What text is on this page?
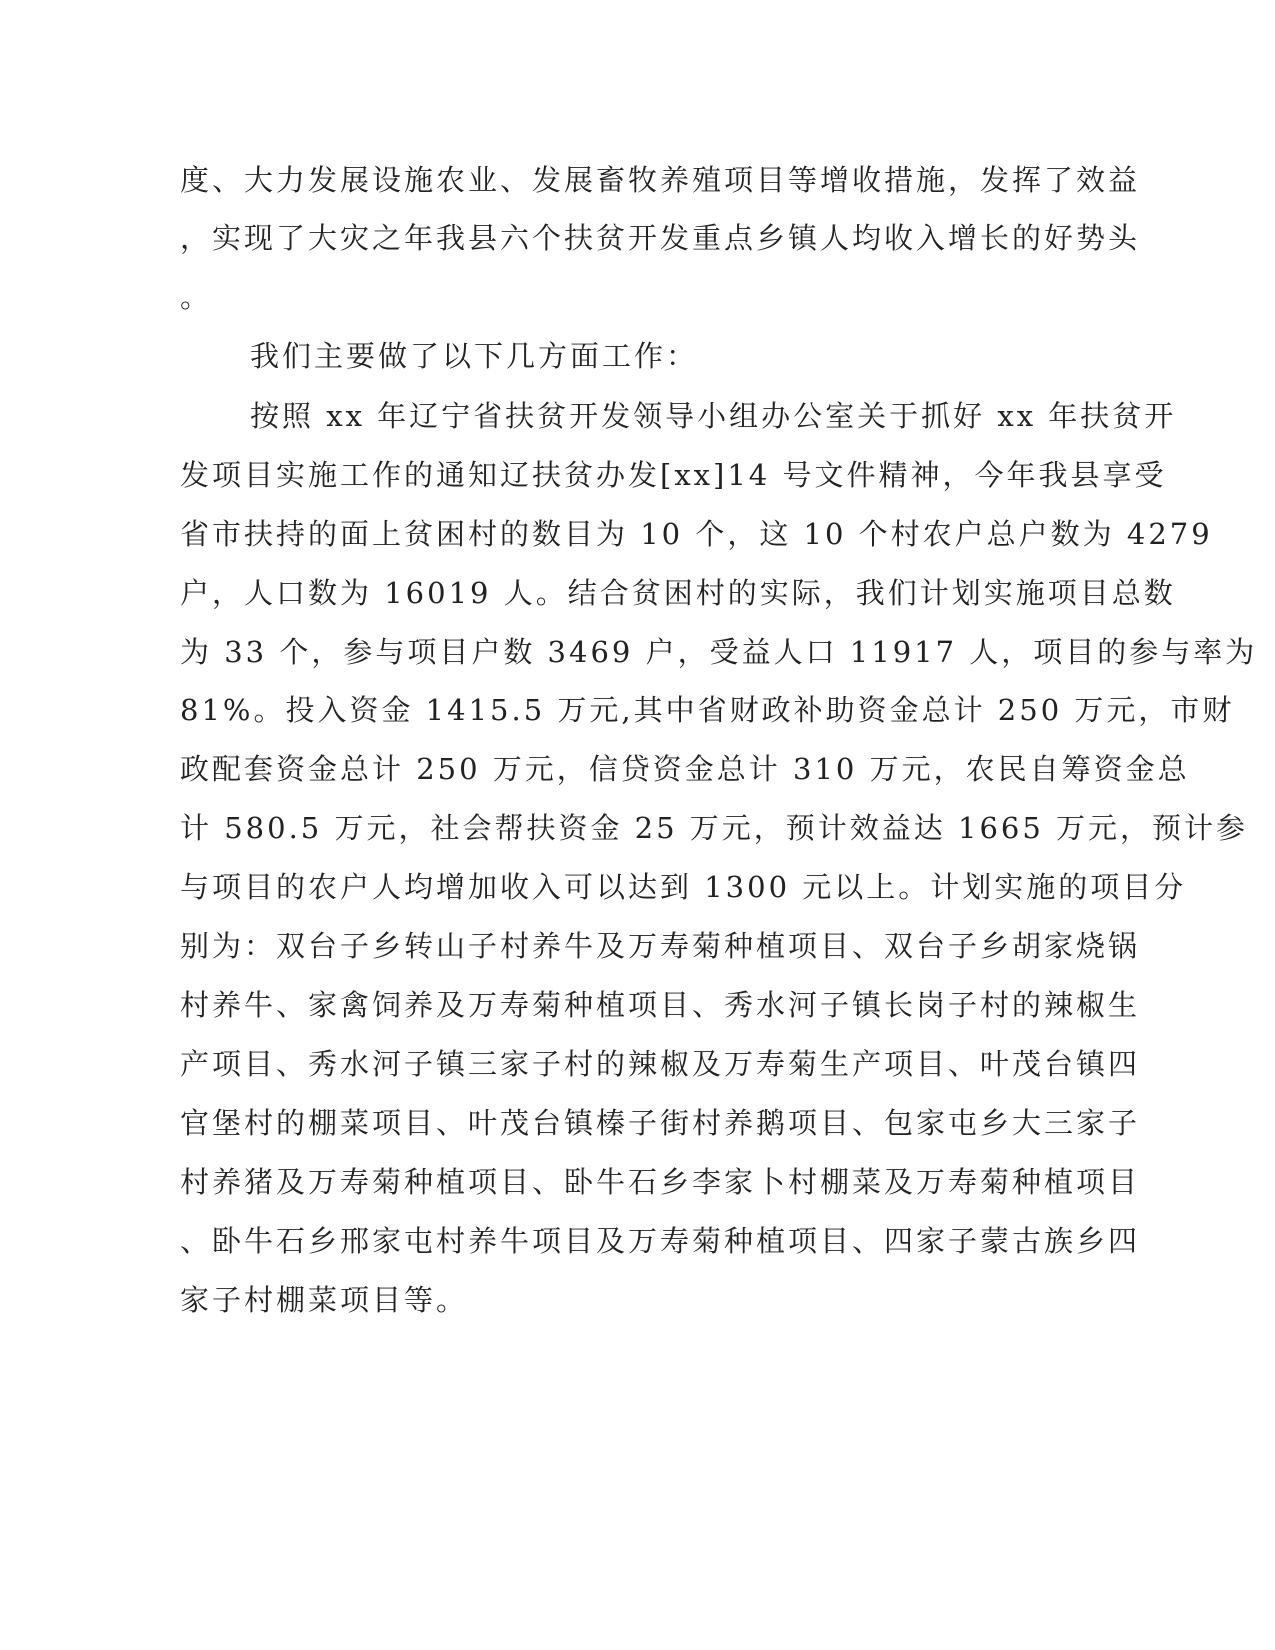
度、大力发展设施农业、发展畜牧养殖项目等增收措施，发挥了效益
，实现了大灾之年我县六个扶贫开发重点乡镇人均收入增长的好势头
。
我们主要做了以下几方面工作：
按照 xx 年辽宁省扶贫开发领导小组办公室关于抓好 xx 年扶贫开
发项目实施工作的通知辽扶贫办发[xx]14 号文件精神，今年我县享受
省市扶持的面上贫困村的数目为 10 个，这 10 个村农户总户数为 4279
户，人口数为 16019 人。结合贫困村的实际，我们计划实施项目总数
为 33 个，参与项目户数 3469 户，受益人口 11917 人，项目的参与率为
81%。投入资金 1415.5 万元,其中省财政补助资金总计 250 万元，市财
政配套资金总计 250 万元，信贷资金总计 310 万元，农民自筹资金总
计 580.5 万元，社会帮扶资金 25 万元，预计效益达 1665 万元，预计参
与项目的农户人均增加收入可以达到 1300 元以上。计划实施的项目分
别为：双台子乡转山子村养牛及万寿菊种植项目、双台子乡胡家烧锅
村养牛、家禽饲养及万寿菊种植项目、秀水河子镇长岗子村的辣椒生
产项目、秀水河子镇三家子村的辣椒及万寿菊生产项目、叶茂台镇四
官堡村的棚菜项目、叶茂台镇榛子街村养鹅项目、包家屯乡大三家子
村养猪及万寿菊种植项目、卧牛石乡李家卜村棚菜及万寿菊种植项目
、卧牛石乡邢家屯村养牛项目及万寿菊种植项目、四家子蒙古族乡四
家子村棚菜项目等。
